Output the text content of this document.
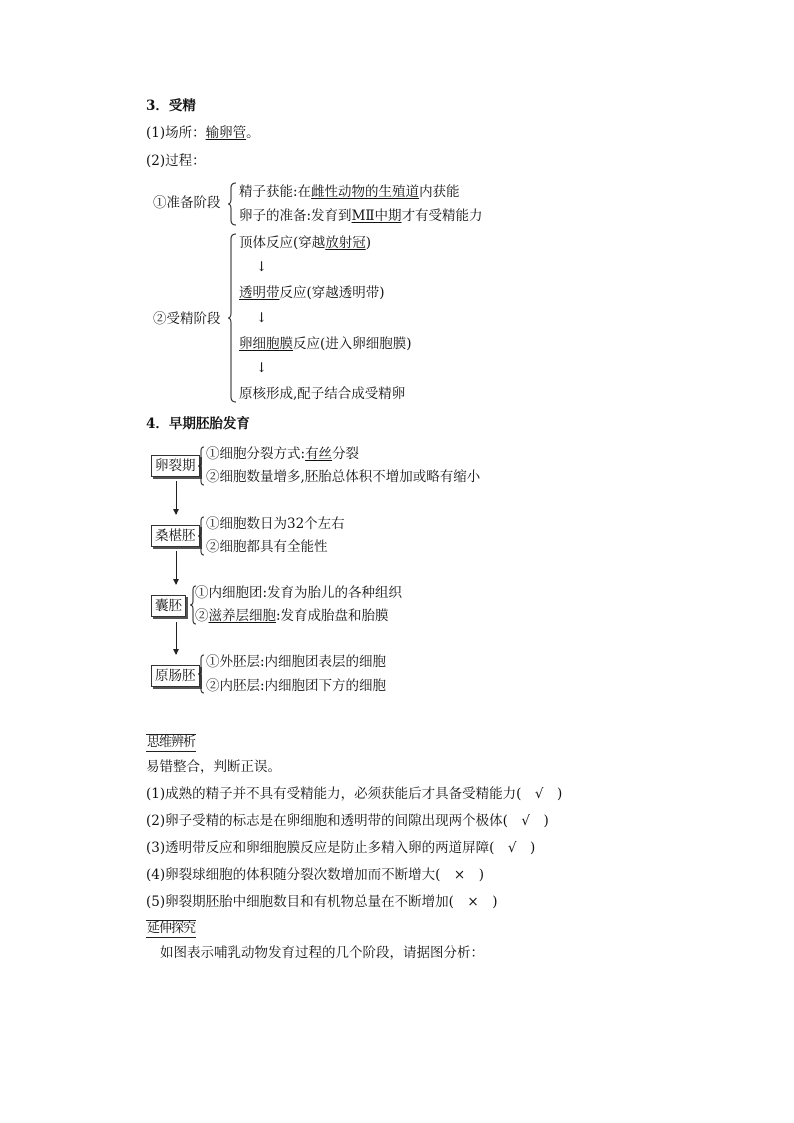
3．受精
(1)场所：输卵管。
(2)过程：
①准备阶段
精子获能:在雌性动物的生殖道内获能
卵子的准备:发育到MⅡ中期才有受精能力
②受精阶段
顶体反应(穿越放射冠)
↓
透明带反应(穿越透明带)
↓
卵细胞膜反应(进入卵细胞膜)
↓
原核形成,配子结合成受精卵
4．早期胚胎发育
卵裂期
①细胞分裂方式:有丝分裂
②细胞数量增多,胚胎总体积不增加或略有缩小
桑椹胚
①细胞数日为32个左右
②细胞都具有全能性
囊胚
①内细胞团:发育为胎儿的各种组织
②滋养层细胞:发育成胎盘和胎膜
原肠胚
①外胚层:内细胞团表层的细胞
②内胚层:内细胞团下方的细胞
思维辨析
易错整合，判断正误。
(1)成熟的精子并不具有受精能力，必须获能后才具备受精能力(　√　)
(2)卵子受精的标志是在卵细胞和透明带的间隙出现两个极体(　√　)
(3)透明带反应和卵细胞膜反应是防止多精入卵的两道屏障(　√　)
(4)卵裂球细胞的体积随分裂次数增加而不断增大(　×　)
(5)卵裂期胚胎中细胞数目和有机物总量在不断增加(　×　)
延伸探究
如图表示哺乳动物发育过程的几个阶段，请据图分析：
